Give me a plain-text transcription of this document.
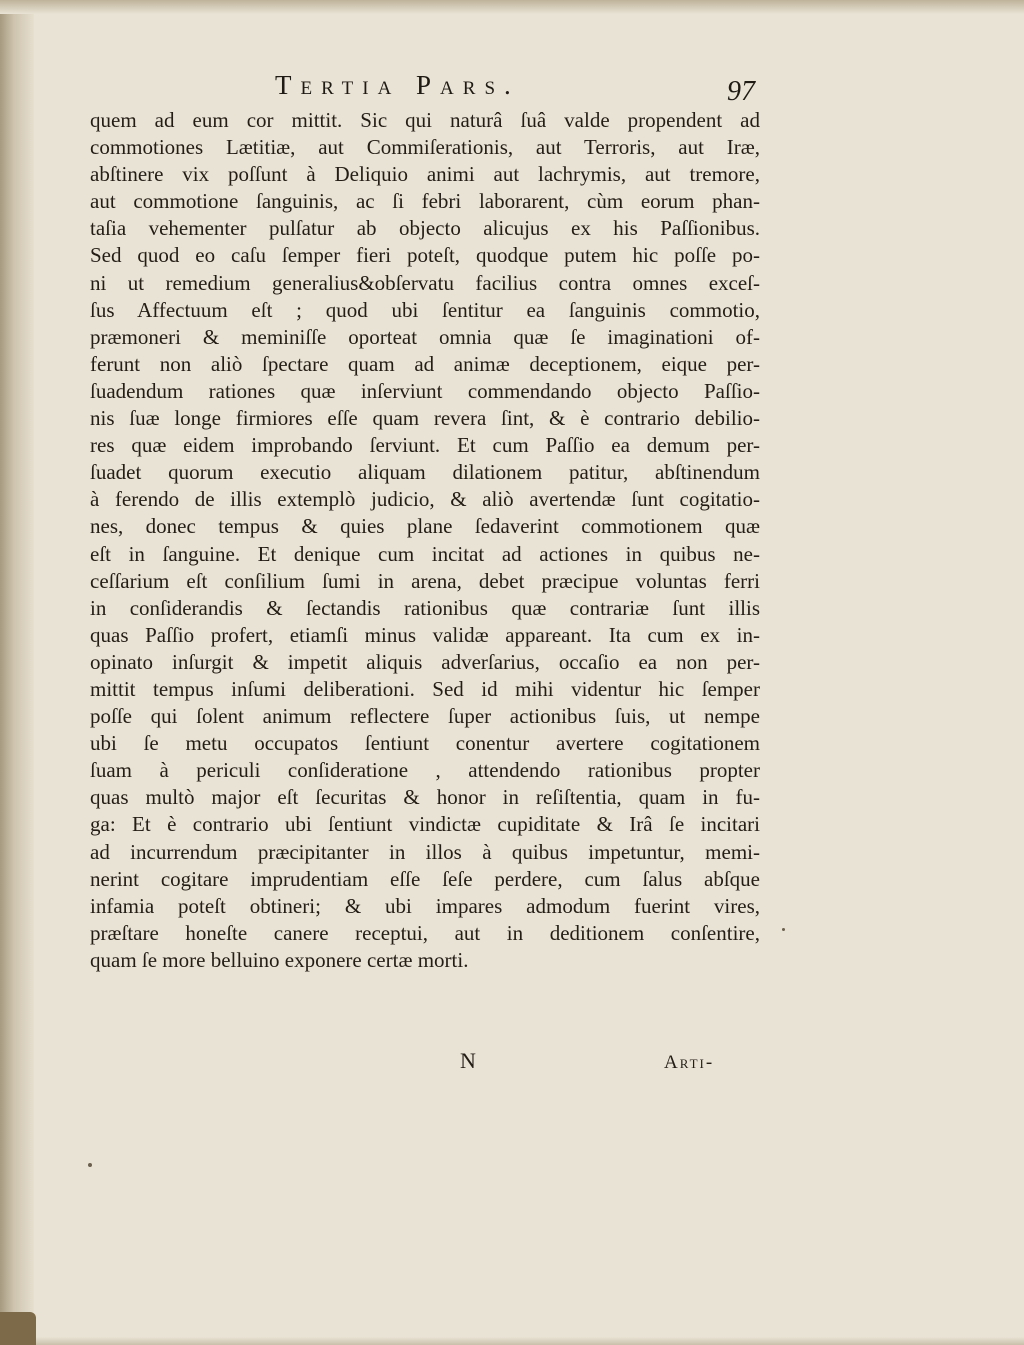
Tertia Pars.	97
quem ad eum cor mittit. Sic qui naturâ ſuâ valde propendent ad
commotiones Lætitiæ, aut Commiſerationis, aut Terroris, aut Iræ,
abſtinere vix poſſunt à Deliquio animi aut lachrymis, aut tremore,
aut commotione ſanguinis, ac ſi febri laborarent, cùm eorum phan-
taſia vehementer pulſatur ab objecto alicujus ex his Paſſionibus.
Sed quod eo caſu ſemper fieri poteſt, quodque putem hic poſſe po-
ni ut remedium generalius&obſervatu facilius contra omnes exceſ-
ſus Affectuum eſt ; quod ubi ſentitur ea ſanguinis commotio,
præmoneri & meminiſſe oporteat omnia quæ ſe imaginationi of-
ferunt non aliò ſpectare quam ad animæ deceptionem, eique per-
ſuadendum rationes quæ inſerviunt commendando objecto Paſſio-
nis ſuæ longe firmiores eſſe quam revera ſint, & è contrario debilio-
res quæ eidem improbando ſerviunt. Et cum Paſſio ea demum per-
ſuadet quorum executio aliquam dilationem patitur, abſtinendum
à ferendo de illis extemplò judicio, & aliò avertendæ ſunt cogitatio-
nes, donec tempus & quies plane ſedaverint commotionem quæ
eſt in ſanguine. Et denique cum incitat ad actiones in quibus ne-
ceſſarium eſt conſilium ſumi in arena, debet præcipue voluntas ferri
in conſiderandis & ſectandis rationibus quæ contrariæ ſunt illis
quas Paſſio profert, etiamſi minus validæ appareant. Ita cum ex in-
opinato inſurgit & impetit aliquis adverſarius, occaſio ea non per-
mittit tempus inſumi deliberationi. Sed id mihi videntur hic ſemper
poſſe qui ſolent animum reflectere ſuper actionibus ſuis, ut nempe
ubi ſe metu occupatos ſentiunt conentur avertere cogitationem
ſuam à periculi conſideratione , attendendo rationibus propter
quas multò major eſt ſecuritas & honor in reſiſtentia, quam in fu-
ga: Et è contrario ubi ſentiunt vindictæ cupiditate & Irâ ſe incitari
ad incurrendum præcipitanter in illos à quibus impetuntur, memi-
nerint cogitare imprudentiam eſſe ſeſe perdere, cum ſalus abſque
infamia poteſt obtineri; & ubi impares admodum fuerint vires,
præſtare honeſte canere receptui, aut in deditionem conſentire,
quam ſe more belluino exponere certæ morti.
N	Arti-
